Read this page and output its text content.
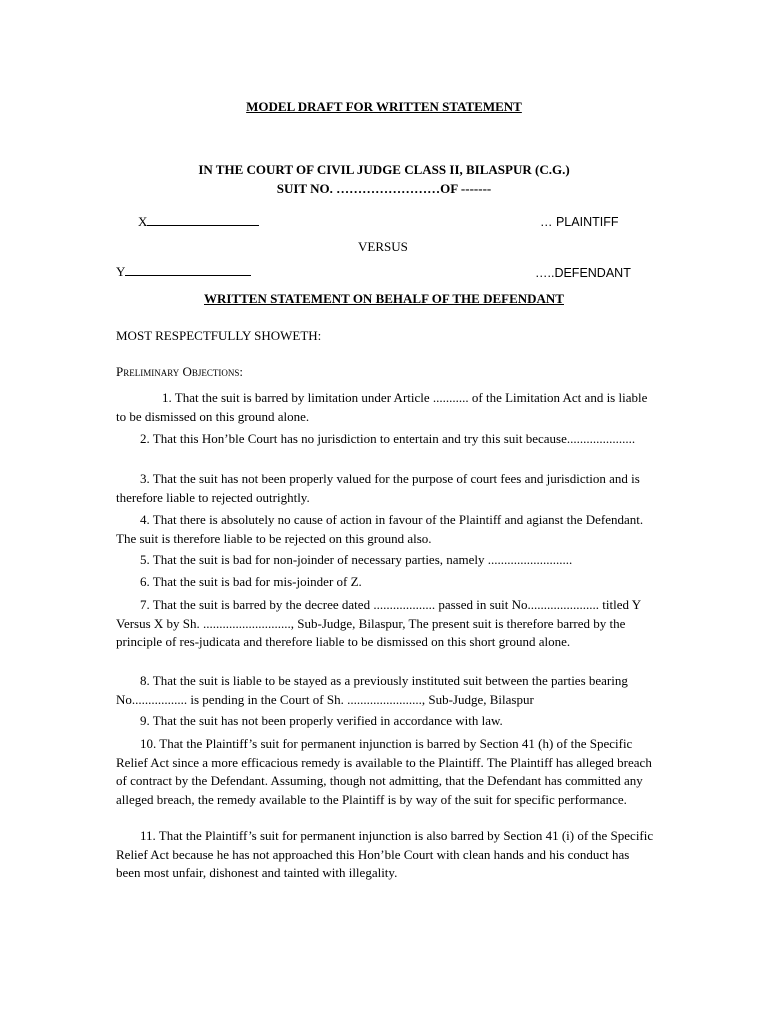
MODEL DRAFT FOR WRITTEN STATEMENT
IN THE COURT OF CIVIL JUDGE CLASS II, BILASPUR (C.G.)
SUIT NO. ……………………OF -------
X	… PLAINTIFF
VERSUS
Y	…..DEFENDANT
WRITTEN STATEMENT ON BEHALF OF THE DEFENDANT
MOST RESPECTFULLY SHOWETH:
Preliminary Objections:
1. That the suit is barred by limitation under Article ........... of the Limitation Act and is liable to be dismissed on this ground alone.
2. That this Hon’ble Court has no jurisdiction to entertain and try this suit because.....................
3. That the suit has not been properly valued for the purpose of court fees and jurisdiction and is therefore liable to rejected outrightly.
4. That there is absolutely no cause of action in favour of the Plaintiff and agianst the Defendant. The suit is therefore liable to be rejected on this ground also.
5. That the suit is bad for non-joinder of necessary parties, namely ..........................
6. That the suit is bad for mis-joinder of Z.
7. That the suit is barred by the decree dated ................... passed in suit No...................... titled Y Versus X by Sh. ..........................., Sub-Judge, Bilaspur, The present suit is therefore barred by the principle of res-judicata and therefore liable to be dismissed on this short ground alone.
8. That the suit is liable to be stayed as a previously instituted suit between the parties bearing No................. is pending in the Court of Sh. ......................., Sub-Judge, Bilaspur
9. That the suit has not been properly verified in accordance with law.
10. That the Plaintiff’s suit for permanent injunction is barred by Section 41 (h) of the Specific Relief Act since a more efficacious remedy is available to the Plaintiff. The Plaintiff has alleged breach of contract by the Defendant. Assuming, though not admitting, that the Defendant has committed any alleged breach, the remedy available to the Plaintiff is by way of the suit for specific performance.
11. That the Plaintiff’s suit for permanent injunction is also barred by Section 41 (i) of the Specific Relief Act because he has not approached this Hon’ble Court with clean hands and his conduct has been most unfair, dishonest and tainted with illegality.
